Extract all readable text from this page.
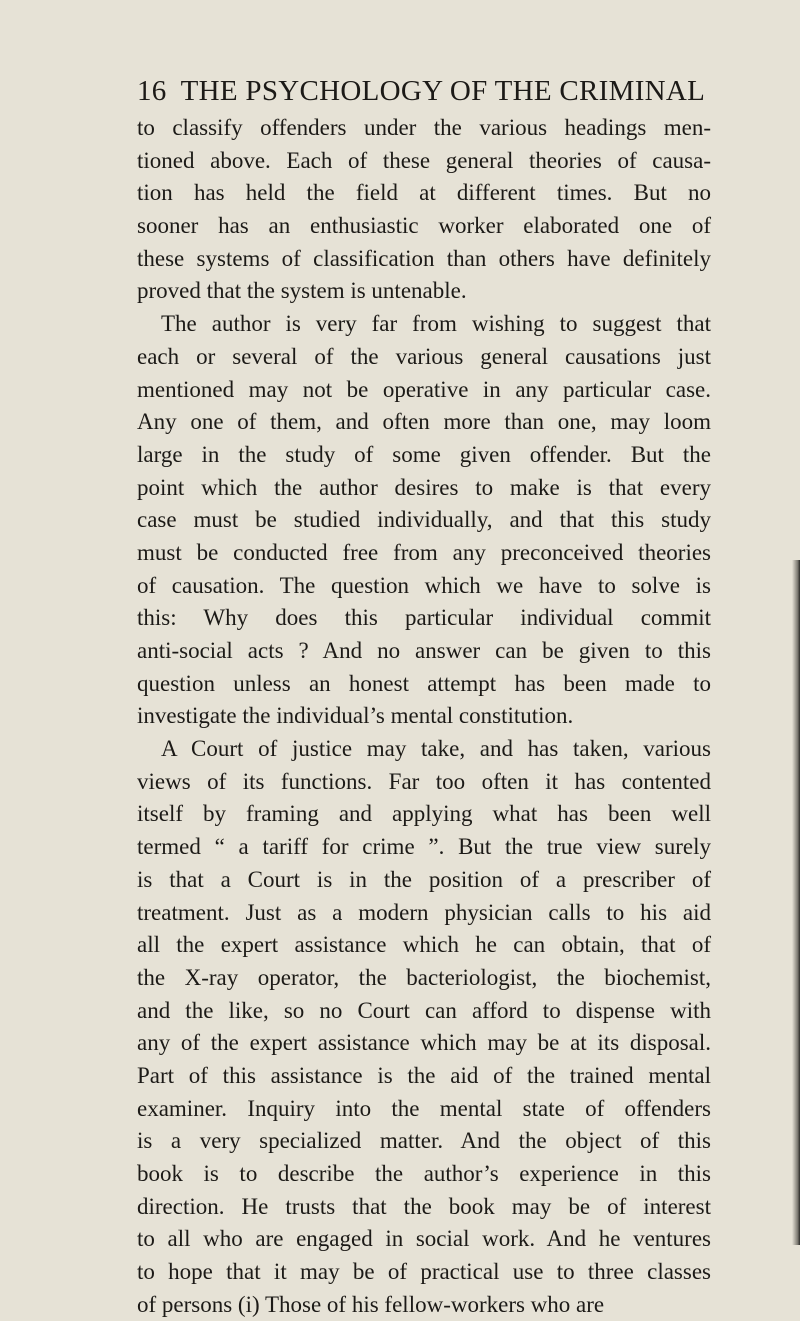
16 THE PSYCHOLOGY OF THE CRIMINAL
to classify offenders under the various headings men-
tioned above. Each of these general theories of causa-
tion has held the field at different times. But no
sooner has an enthusiastic worker elaborated one of
these systems of classification than others have definitely
proved that the system is untenable.
The author is very far from wishing to suggest that
each or several of the various general causations just
mentioned may not be operative in any particular case.
Any one of them, and often more than one, may loom
large in the study of some given offender. But the
point which the author desires to make is that every
case must be studied individually, and that this study
must be conducted free from any preconceived theories
of causation. The question which we have to solve is
this: Why does this particular individual commit
anti-social acts ? And no answer can be given to this
question unless an honest attempt has been made to
investigate the individual’s mental constitution.
A Court of justice may take, and has taken, various
views of its functions. Far too often it has contented
itself by framing and applying what has been well
termed “ a tariff for crime ”. But the true view surely
is that a Court is in the position of a prescriber of
treatment. Just as a modern physician calls to his aid
all the expert assistance which he can obtain, that of
the X-ray operator, the bacteriologist, the biochemist,
and the like, so no Court can afford to dispense with
any of the expert assistance which may be at its disposal.
Part of this assistance is the aid of the trained mental
examiner. Inquiry into the mental state of offenders
is a very specialized matter. And the object of this
book is to describe the author’s experience in this
direction. He trusts that the book may be of interest
to all who are engaged in social work. And he ventures
to hope that it may be of practical use to three classes
of persons (i) Those of his fellow-workers who are
